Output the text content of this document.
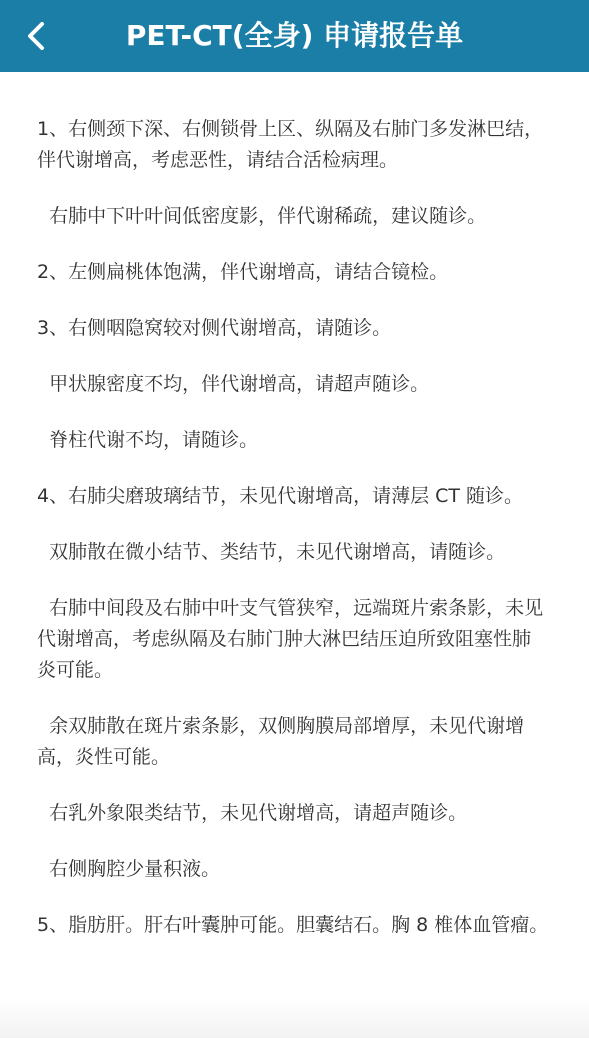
PET-CT(全身) 申请报告单

1、右侧颈下深、右侧锁骨上区、纵隔及右肺门多发淋巴结，伴代谢增高，考虑恶性，请结合活检病理。

右肺中下叶叶间低密度影，伴代谢稀疏，建议随诊。

2、左侧扁桃体饱满，伴代谢增高，请结合镜检。

3、右侧咽隐窝较对侧代谢增高，请随诊。

甲状腺密度不均，伴代谢增高，请超声随诊。

脊柱代谢不均，请随诊。

4、右肺尖磨玻璃结节，未见代谢增高，请薄层 CT 随诊。

双肺散在微小结节、类结节，未见代谢增高，请随诊。

右肺中间段及右肺中叶支气管狭窄，远端斑片索条影，未见代谢增高，考虑纵隔及右肺门肿大淋巴结压迫所致阻塞性肺炎可能。

余双肺散在斑片索条影，双侧胸膜局部增厚，未见代谢增高，炎性可能。

右乳外象限类结节，未见代谢增高，请超声随诊。

右侧胸腔少量积液。

5、脂肪肝。肝右叶囊肿可能。胆囊结石。胸 8 椎体血管瘤。
